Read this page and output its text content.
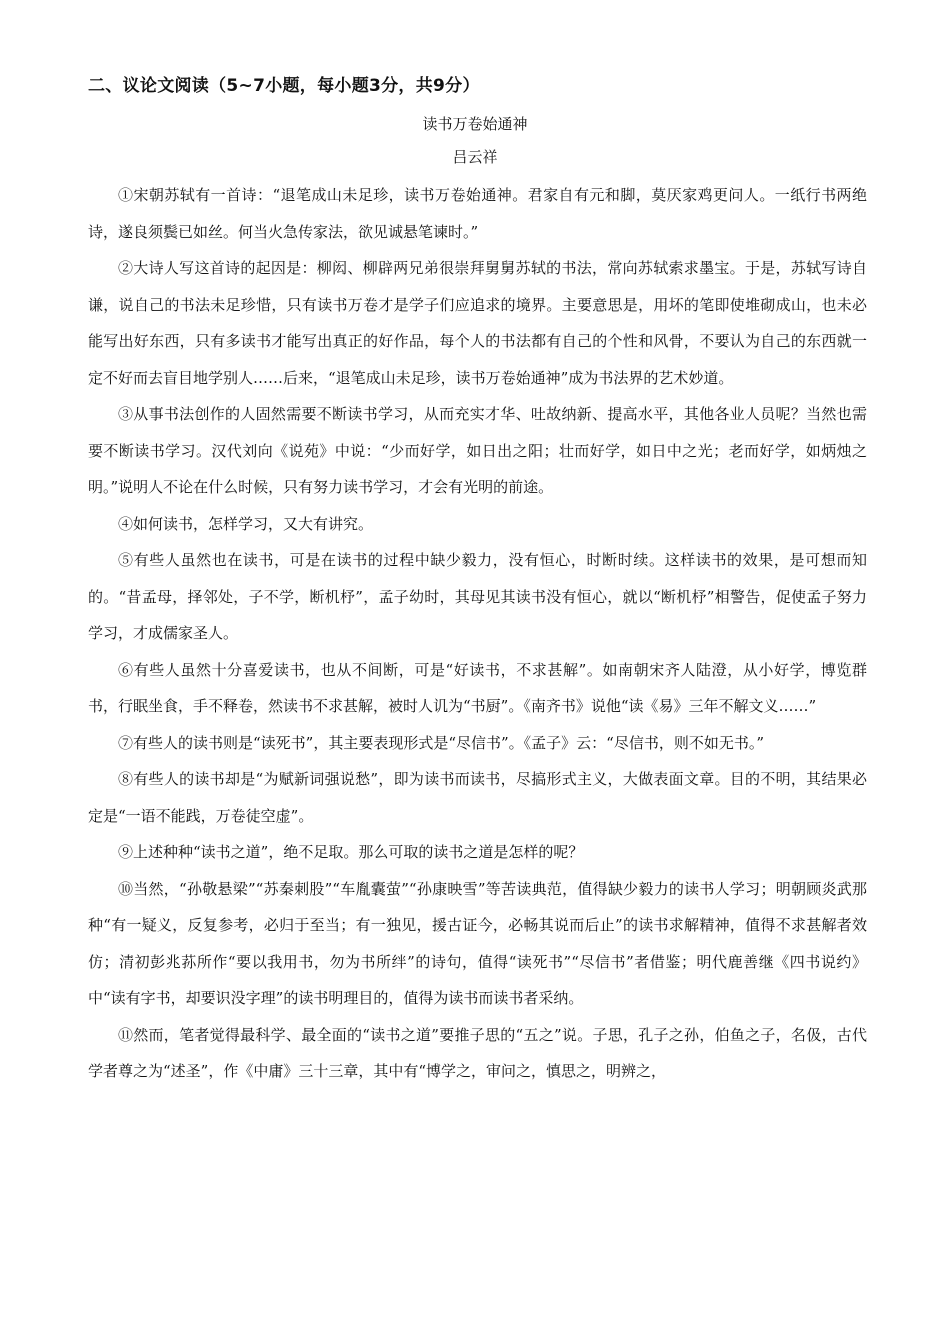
二、议论文阅读（5~7小题，每小题3分，共9分）
读书万卷始通神
吕云祥

①宋朝苏轼有一首诗：“退笔成山未足珍，读书万卷始通神。君家自有元和脚，莫厌家鸡更问人。一纸行书两绝诗，遂良须鬓已如丝。何当火急传家法，欲见诚悬笔谏时。”

②大诗人写这首诗的起因是：柳闳、柳辟两兄弟很崇拜舅舅苏轼的书法，常向苏轼索求墨宝。于是，苏轼写诗自谦，说自己的书法未足珍惜，只有读书万卷才是学子们应追求的境界。主要意思是，用坏的笔即使堆砌成山，也未必能写出好东西，只有多读书才能写出真正的好作品，每个人的书法都有自己的个性和风骨，不要认为自己的东西就一定不好而去盲目地学别人……后来，“退笔成山未足珍，读书万卷始通神”成为书法界的艺术妙道。

③从事书法创作的人固然需要不断读书学习，从而充实才华、吐故纳新、提高水平，其他各业人员呢？当然也需要不断读书学习。汉代刘向《说苑》中说：“少而好学，如日出之阳；壮而好学，如日中之光；老而好学，如炳烛之明。”说明人不论在什么时候，只有努力读书学习，才会有光明的前途。

④如何读书，怎样学习，又大有讲究。

⑤有些人虽然也在读书，可是在读书的过程中缺少毅力，没有恒心，时断时续。这样读书的效果，是可想而知的。“昔孟母，择邻处，子不学，断机杼”，孟子幼时，其母见其读书没有恒心，就以“断机杼”相警告，促使孟子努力学习，才成儒家圣人。

⑥有些人虽然十分喜爱读书，也从不间断，可是“好读书，不求甚解”。如南朝宋齐人陆澄，从小好学，博览群书，行眠坐食，手不释卷，然读书不求甚解，被时人讥为“书厨”。《南齐书》说他“读《易》三年不解文义……”

⑦有些人的读书则是“读死书”，其主要表现形式是“尽信书”。《孟子》云：“尽信书，则不如无书。”

⑧有些人的读书却是“为赋新词强说愁”，即为读书而读书，尽搞形式主义，大做表面文章。目的不明，其结果必定是“一语不能践，万卷徒空虚”。

⑨上述种种“读书之道”，绝不足取。那么可取的读书之道是怎样的呢？

⑩当然，“孙敬悬梁”“苏秦刺股”“车胤囊萤”“孙康映雪”等苦读典范，值得缺少毅力的读书人学习；明朝顾炎武那种“有一疑义，反复参考，必归于至当；有一独见，援古证今，必畅其说而后止”的读书求解精神，值得不求甚解者效仿；清初彭兆荪所作“要以我用书，勿为书所绊”的诗句，值得“读死书”“尽信书”者借鉴；明代鹿善继《四书说约》中“读有字书，却要识没字理”的读书明理目的，值得为读书而读书者采纳。

⑪然而，笔者觉得最科学、最全面的“读书之道”要推子思的“五之”说。子思，孔子之孙，伯鱼之子，名伋，古代学者尊之为“述圣”，作《中庸》三十三章，其中有“博学之，审问之，慎思之，明辨之，
